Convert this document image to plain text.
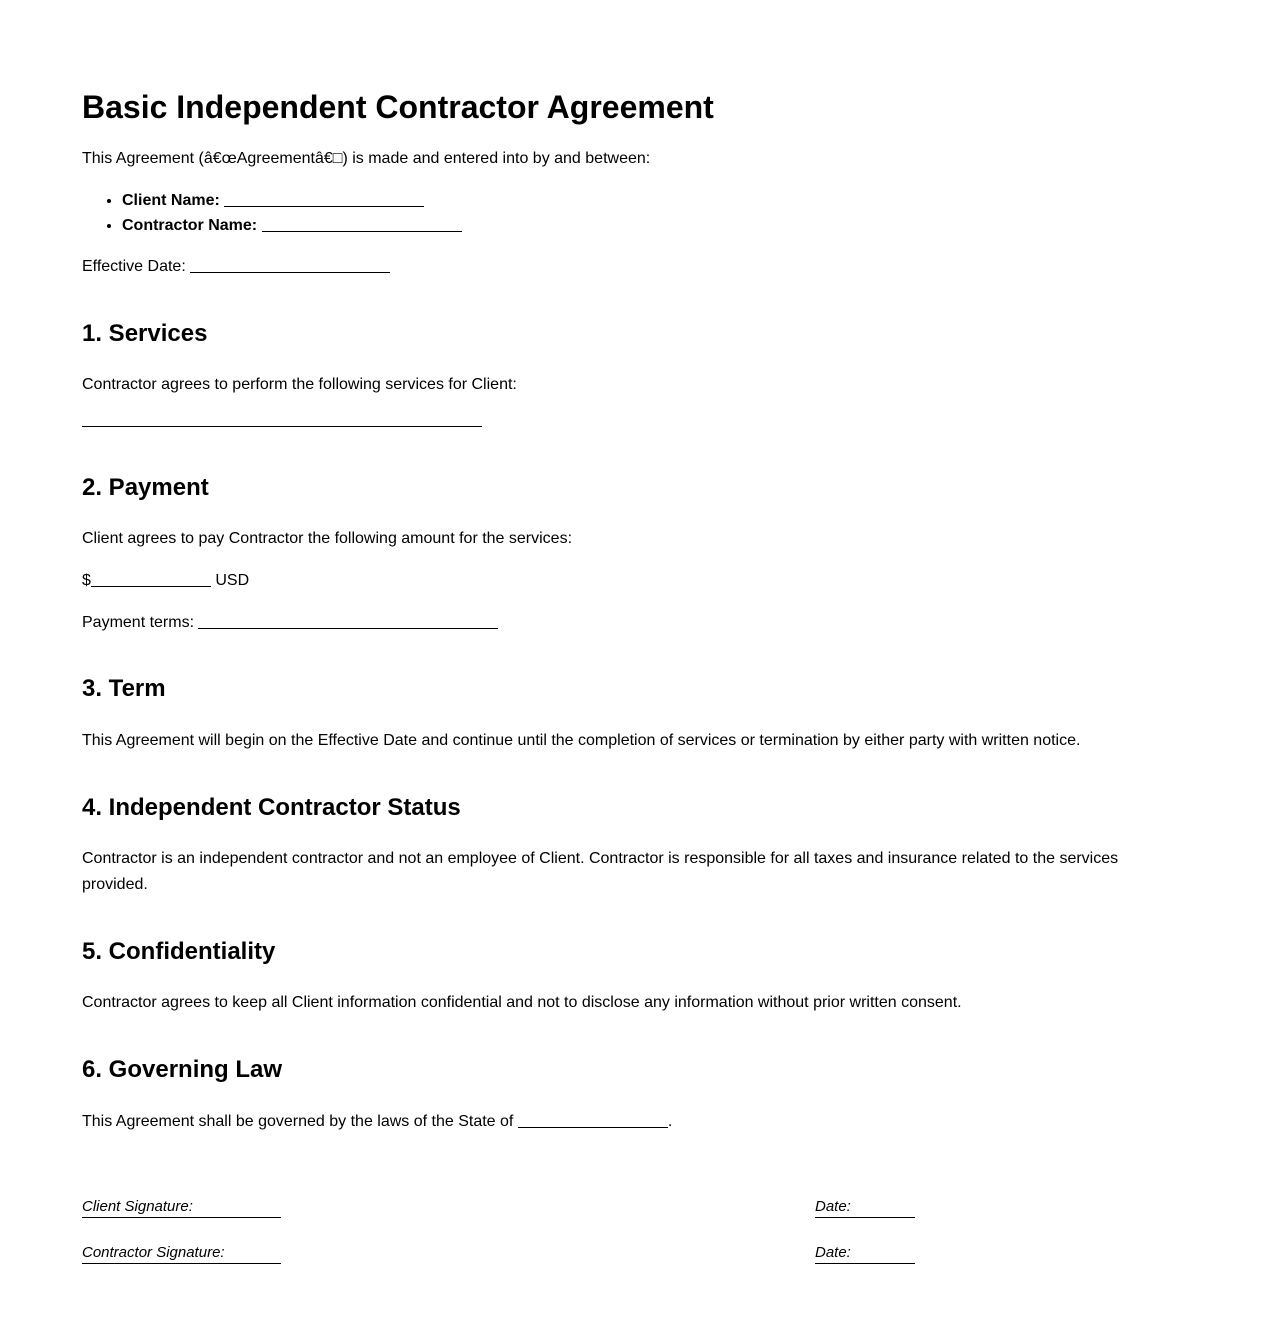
Basic Independent Contractor Agreement

This Agreement (â€œAgreementâ€□) is made and entered into by and between:

• Client Name:
• Contractor Name:

Effective Date:

1. Services

Contractor agrees to perform the following services for Client:

2. Payment

Client agrees to pay Contractor the following amount for the services:

$	USD

Payment terms:

3. Term

This Agreement will begin on the Effective Date and continue until the completion of services or termination by either party with written notice.

4. Independent Contractor Status

Contractor is an independent contractor and not an employee of Client. Contractor is responsible for all taxes and insurance related to the services provided.

5. Confidentiality

Contractor agrees to keep all Client information confidential and not to disclose any information without prior written consent.

6. Governing Law

This Agreement shall be governed by the laws of the State of	.

Client Signature:	Date:
Contractor Signature:	Date:
